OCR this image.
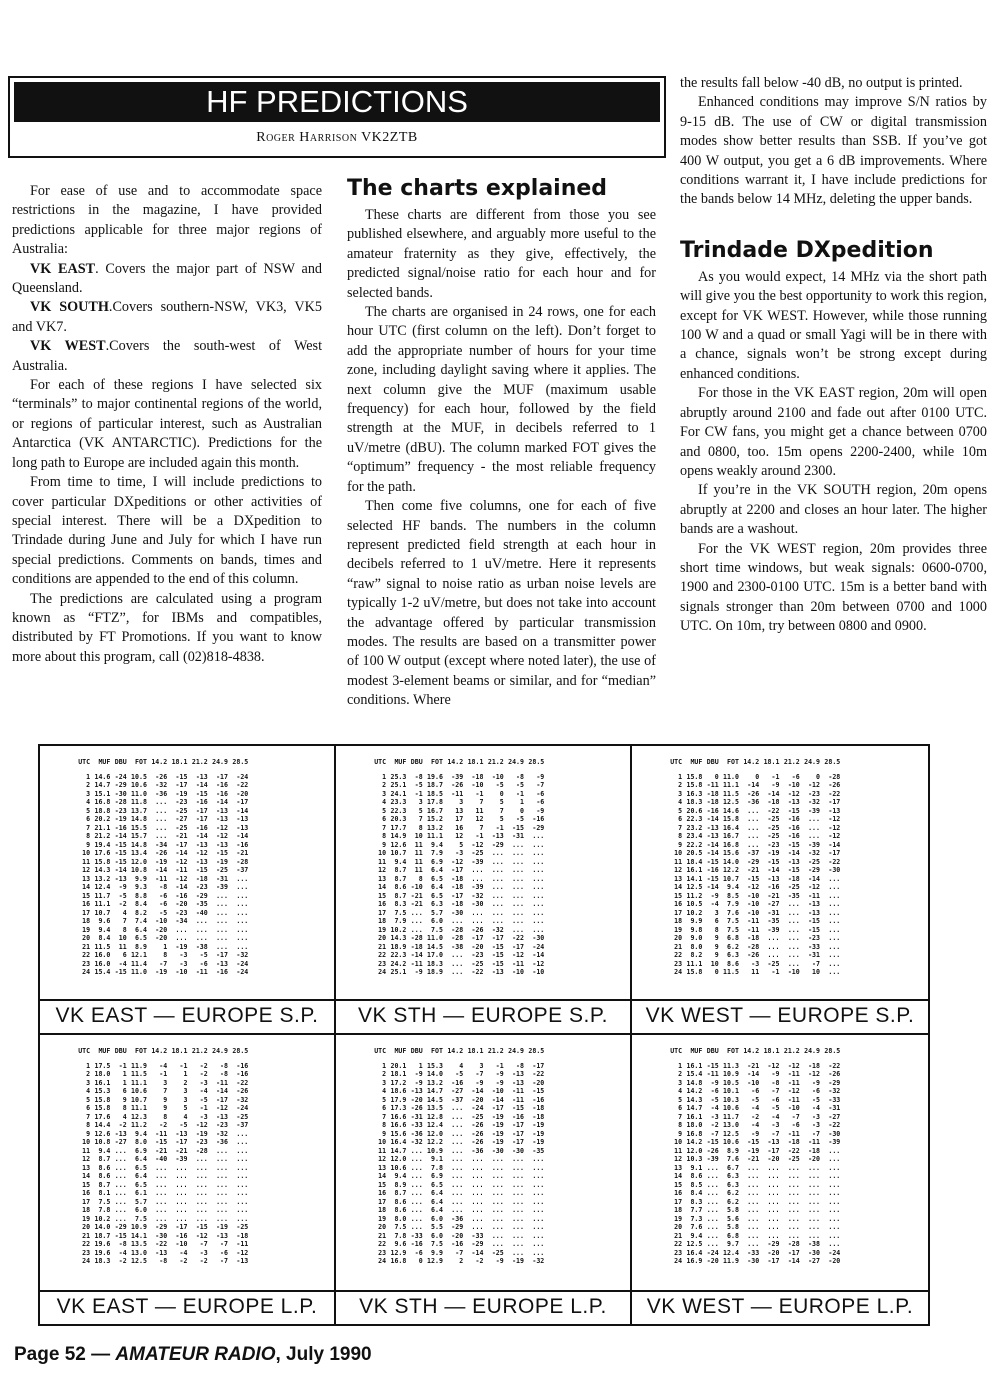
HF PREDICTIONS
Roger Harrison VK2ZTB

For ease of use and to accommodate space restrictions in the magazine, I have provided predictions applicable for three major regions of Australia:

VK EAST. Covers the major part of NSW and Queensland.

VK SOUTH.Covers southern-NSW, VK3, VK5 and VK7.

VK WEST.Covers the south-west of West Australia.

For each of these regions I have selected six “terminals” to major continental regions of the world, or regions of particular interest, such as Australian Antarctica (VK ANTARCTIC). Predictions for the long path to Europe are included again this month.

From time to time, I will include predictions to cover particular DXpeditions or other activities of special interest. There will be a DXpedition to Trindade during June and July for which I have run special predictions. Comments on bands, times and conditions are appended to the end of this column.

The predictions are calculated using a program known as “FTZ”, for IBMs and compatibles, distributed by FT Promotions. If you want to know more about this program, call (02)818-4838.

The charts explained

These charts are different from those you see published elsewhere, and arguably more useful to the amateur fraternity as they give, effectively, the predicted signal/noise ratio for each hour and for selected bands.

The charts are organised in 24 rows, one for each hour UTC (first column on the left). Don’t forget to add the appropriate number of hours for your time zone, including daylight saving where it applies. The next column give the MUF (maximum usable frequency) for each hour, followed by the field strength at the MUF, in decibels referred to 1 uV/metre (dBU). The column marked FOT gives the “optimum” frequency - the most reliable frequency for the path.

Then come five columns, one for each of five selected HF bands. The numbers in the column represent predicted field strength at each hour in decibels referred to 1 uV/metre. Here it represents “raw” signal to noise ratio as urban noise levels are typically 1-2 uV/metre, but does not take into account the advantage offered by particular transmission modes. The results are based on a transmitter power of 100 W output (except where noted later), the use of modest 3-element beams or similar, and for “median” conditions. Where

the results fall below -40 dB, no output is printed.

Enhanced conditions may improve S/N ratios by 9-15 dB. The use of CW or digital transmission modes show better results than SSB. If you’ve got 400 W output, you get a 6 dB improvements. Where conditions warrant it, I have include predictions for the bands below 14 MHz, deleting the upper bands.

Trindade DXpedition

As you would expect, 14 MHz via the short path will give you the best opportunity to work this region, except for VK WEST. However, while those running 100 W and a quad or small Yagi will be in there with a chance, signals won’t be strong except during enhanced conditions.

For those in the VK EAST region, 20m will open abruptly around 2100 and fade out after 0100 UTC. For CW fans, you might get a chance between 0700 and 0800, too. 15m opens 2200-2400, while 10m opens weakly around 2300.

If you’re in the VK SOUTH region, 20m opens abruptly at 2200 and closes an hour later. The higher bands are a washout.

For the VK WEST region, 20m provides three short time windows, but weak signals: 0600-0700, 1900 and 2300-0100 UTC. 15m is a better band with signals stronger than 20m between 0700 and 1000 UTC. On 10m, try between 0800 and 0900.

UTC	MUF	DBU	FOT	14.2	18.1	21.2	24.9	28.5
1	14.6	-24	10.5	-26	-15	-13	-17	-24
2	14.7	-29	10.6	-32	-17	-14	-16	-22
3	15.1	-30	11.0	-36	-19	-15	-16	-20
4	16.8	-28	11.8	...	-23	-16	-14	-17
5	18.8	-23	13.7	...	-25	-17	-13	-14
6	20.2	-19	14.8	...	-27	-17	-13	-13
7	21.1	-16	15.5	...	-25	-16	-12	-13
8	21.2	-14	15.7	...	-21	-14	-12	-14
9	19.4	-15	14.8	-34	-17	-13	-13	-16
10	17.6	-15	13.4	-26	-14	-12	-15	-21
11	15.8	-15	12.0	-19	-12	-13	-19	-28
12	14.3	-14	10.8	-14	-11	-15	-25	-37
13	13.2	-13	9.9	-11	-12	-18	-31	...
14	12.4	-9	9.3	-8	-14	-23	-39	...
15	11.7	-5	8.8	-6	-16	-29	...	...
16	11.1	-2	8.4	-6	-20	-35	...	...
17	10.7	4	8.2	-5	-23	-40	...	...
18	9.6	7	7.4	-10	-34	...	...	...
19	9.4	8	6.4	-20	...	...	...	...
20	8.4	10	6.5	-20	...	...	...	...
21	11.5	11	8.9	1	-19	-38	...	...
22	16.0	6	12.1	8	-3	-5	-17	-32
23	16.0	-4	11.4	-7	-3	-6	-13	-24
24	15.4	-15	11.0	-19	-10	-11	-16	-24
VK EAST — EUROPE S.P.
UTC	MUF	DBU	FOT	14.2	18.1	21.2	24.9	28.5
1	25.3	-8	19.6	-39	-18	-10	-8	-9
2	25.1	-5	18.7	-26	-10	-5	-5	-7
3	24.1	-1	18.5	-11	-1	0	-1	-6
4	23.3	3	17.8	3	7	5	1	-6
5	22.3	5	16.7	13	11	7	0	-9
6	20.3	7	15.2	17	12	5	-5	-16
7	17.7	8	13.2	16	7	-1	-15	-29
8	14.9	10	11.1	12	-1	-13	-31	...
9	12.6	11	9.4	5	-12	-29	...	...
10	10.7	11	7.9	-3	-25	...	...	...
11	9.4	11	6.9	-12	-39	...	...	...
12	8.7	11	6.4	-17	...	...	...	...
13	8.7	8	6.5	-18	...	...	...	...
14	8.6	-10	6.4	-18	-39	...	...	...
15	8.7	-21	6.5	-17	-32	...	...	...
16	8.3	-21	6.3	-18	-30	...	...	...
17	7.5	...	5.7	-30	...	...	...	...
18	7.9	...	6.0	...	...	...	...	...
19	10.2	...	7.5	-28	-26	-32	...	...
20	14.3	-28	11.0	-28	-17	-17	-22	-30
21	18.9	-18	14.5	-38	-20	-15	-17	-24
22	22.3	-14	17.0	...	-23	-15	-12	-14
23	24.2	-11	18.3	...	-25	-15	-11	-12
24	25.1	-9	18.9	...	-22	-13	-10	-10
VK STH — EUROPE S.P.
UTC	MUF	DBU	FOT	14.2	18.1	21.2	24.9	28.5
1	15.8	0	11.0	0	-1	-6	0	-28
2	15.8	-11	11.1	-14	-9	-10	-12	-26
3	16.3	-18	11.5	-26	-14	-12	-23	-22
4	18.3	-18	12.5	-36	-18	-13	-32	-17
5	20.6	-16	14.6	...	-22	-15	-39	-13
6	22.3	-14	15.8	...	-25	-16	...	-12
7	23.2	-13	16.4	...	-25	-16	...	-12
8	23.4	-13	16.7	...	-25	-16	...	-12
9	22.2	-14	16.8	...	-23	-15	-39	-14
10	20.5	-14	15.6	-37	-19	-14	-32	-17
11	18.4	-15	14.0	-29	-15	-13	-25	-22
12	16.1	-16	12.2	-21	-14	-15	-29	-30
13	14.1	-15	10.7	-15	-13	-18	-14	...
14	12.5	-14	9.4	-12	-16	-25	-12	...
15	11.2	-9	8.5	-10	-21	-35	-11	...
16	10.5	-4	7.9	-10	-27	...	-13	...
17	10.2	3	7.6	-10	-31	...	-13	...
18	9.9	6	7.5	-11	-35	...	-15	...
19	9.8	8	7.5	-11	-39	...	-15	...
20	9.0	9	6.8	-18	...	...	-23	...
21	8.0	9	6.2	-28	...	...	-33	...
22	8.2	9	6.3	-26	...	...	-31	...
23	11.1	10	8.6	-3	-25	...	-7	...
24	15.8	0	11.5	11	-1	-10	10	...
VK WEST — EUROPE S.P.
UTC	MUF	DBU	FOT	14.2	18.1	21.2	24.9	28.5
1	17.5	-1	11.9	-4	-1	-2	-8	-16
2	18.0	1	11.5	-1	1	-2	-8	-16
3	16.1	1	11.1	3	2	-3	-11	-22
4	15.3	6	10.6	7	3	-4	-14	-26
5	15.8	9	10.7	9	3	-5	-17	-32
6	15.8	8	11.1	9	5	-1	-12	-24
7	17.6	4	12.3	8	4	-3	-13	-25
8	14.4	-2	11.2	-2	-5	-12	-23	-37
9	12.6	-13	9.4	-11	-13	-19	-32	...
10	10.8	-27	8.0	-15	-17	-23	-36	...
11	9.4	...	6.9	-21	-21	-28	...	...
12	8.7	...	6.4	-40	-39	...	...	...
13	8.6	...	6.5	...	...	...	...	...
14	8.6	...	6.4	...	...	...	...	...
15	8.7	...	6.5	...	...	...	...	...
16	8.1	...	6.1	...	...	...	...	...
17	7.5	...	5.7	...	...	...	...	...
18	7.8	...	6.0	...	...	...	...	...
19	10.2	...	7.5	...	...	...	...	...
20	14.0	-29	10.9	-29	-17	-15	-19	-25
21	18.7	-15	14.1	-30	-16	-12	-13	-18
22	19.6	-8	13.5	-22	-10	-7	-7	-11
23	19.6	-4	13.0	-13	-4	-3	-6	-12
24	18.3	-2	12.5	-8	-2	-2	-7	-13
VK EAST — EUROPE L.P.
UTC	MUF	DBU	FOT	14.2	18.1	21.2	24.9	28.5
1	20.1	1	15.3	4	3	-1	-8	-17
2	18.1	-9	14.0	-5	-7	-9	-13	-22
3	17.2	-9	13.2	-16	-9	-9	-13	-20
4	18.6	-13	14.7	-27	-14	-10	-11	-15
5	17.9	-20	14.5	-37	-20	-14	-11	-16
6	17.3	-26	13.5	...	-24	-17	-15	-18
7	16.6	-31	12.8	...	-25	-19	-16	-18
8	16.6	-33	12.4	...	-26	-19	-17	-19
9	15.6	-36	12.0	...	-26	-19	-17	-19
10	16.4	-32	12.2	...	-26	-19	-17	-19
11	14.7	...	10.9	...	-36	-30	-30	-35
12	12.0	...	9.1	...	...	...	...	...
13	10.6	...	7.8	...	...	...	...	...
14	9.4	...	6.9	...	...	...	...	...
15	8.9	...	6.5	...	...	...	...	...
16	8.7	...	6.4	...	...	...	...	...
17	8.6	...	6.4	...	...	...	...	...
18	8.6	...	6.4	...	...	...	...	...
19	8.0	...	6.0	-36	...	...	...	...
20	7.5	...	5.5	-29	...	...	...	...
21	7.8	-33	6.0	-20	-33	...	...	...
22	9.6	-16	7.5	-16	-29	...	...	...
23	12.9	-6	9.9	-7	-14	-25	...	...
24	16.8	0	12.9	2	-2	-9	-19	-32
VK STH — EUROPE L.P.
UTC	MUF	DBU	FOT	14.2	18.1	21.2	24.9	28.5
1	16.1	-15	11.3	-21	-12	-12	-18	-22
2	15.4	-11	10.9	-14	-9	-11	-12	-26
3	14.8	-9	10.5	-10	-8	-11	-9	-29
4	14.2	-6	10.1	-6	-7	-12	-6	-32
5	14.3	-5	10.3	-5	-6	-11	-5	-33
6	14.7	-4	10.6	-4	-5	-10	-4	-31
7	16.1	-3	11.7	-2	-4	-7	-3	-27
8	18.0	-2	13.0	-4	-3	-6	-3	-22
9	16.8	-7	12.5	-9	-7	-11	-7	-30
10	14.2	-15	10.6	-15	-13	-18	-11	-39
11	12.0	-26	8.9	-19	-17	-22	-18	...
12	10.3	-39	7.6	-21	-20	-25	-20	...
13	9.1	...	6.7	...	...	...	...	...
14	8.6	...	6.3	...	...	...	...	...
15	8.5	...	6.3	...	...	...	...	...
16	8.4	...	6.2	...	...	...	...	...
17	8.3	...	6.2	...	...	...	...	...
18	7.7	...	5.8	...	...	...	...	...
19	7.3	...	5.6	...	...	...	...	...
20	7.6	...	5.8	...	...	...	...	...
21	9.4	...	6.8	...	...	...	...	...
22	12.5	...	9.7	...	-29	-28	-38	...
23	16.4	-24	12.4	-33	-20	-17	-30	-24
24	16.9	-20	11.9	-30	-17	-14	-27	-20
VK WEST — EUROPE L.P.
Page 52 — AMATEUR RADIO, July 1990
